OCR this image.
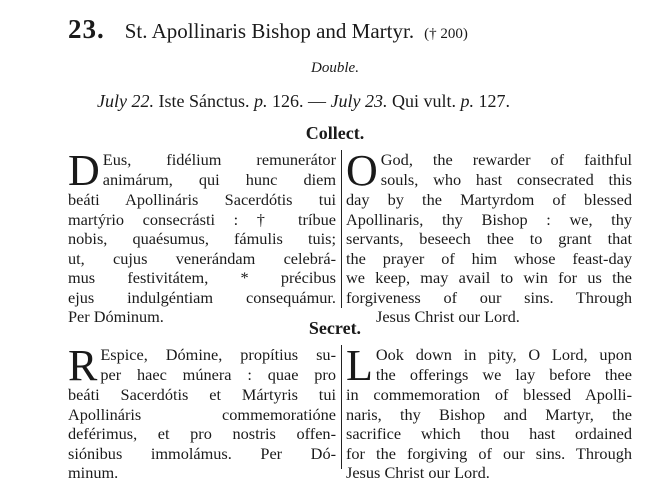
23. St. Apollinaris Bishop and Martyr. († 200)
Double.
July 22. Iste Sánctus. p. 126. — July 23. Qui vult. p. 127.
Collect.
D Eus, fidélium remunerátor
animárum, qui hunc diem
beáti Apollináris Sacerdótis tui
martýrio consecrásti : † tríbue
nobis, quaésumus, fámulis tuis;
ut, cujus venerándam celebrá-
mus festivitátem, * précibus
ejus indulgéntiam consequámur.
Per Dóminum.
O God, the rewarder of faithful
souls, who hast consecrated this
day by the Martyrdom of blessed
Apollinaris, thy Bishop : we, thy
servants, beseech thee to grant that
the prayer of him whose feast-day
we keep, may avail to win for us the
forgiveness of our sins. Through
Jesus Christ our Lord.
Secret.
R Espice, Dómine, propítius su-
per haec múnera : quae pro
beáti Sacerdótis et Mártyris tui
Apollináris commemoratióne
deférimus, et pro nostris offen-
siónibus immolámus. Per Dó-
minum.
L Ook down in pity, O Lord, upon
the offerings we lay before thee
in commemoration of blessed Apolli-
naris, thy Bishop and Martyr, the
sacrifice which thou hast ordained
for the forgiving of our sins. Through
Jesus Christ our Lord.
